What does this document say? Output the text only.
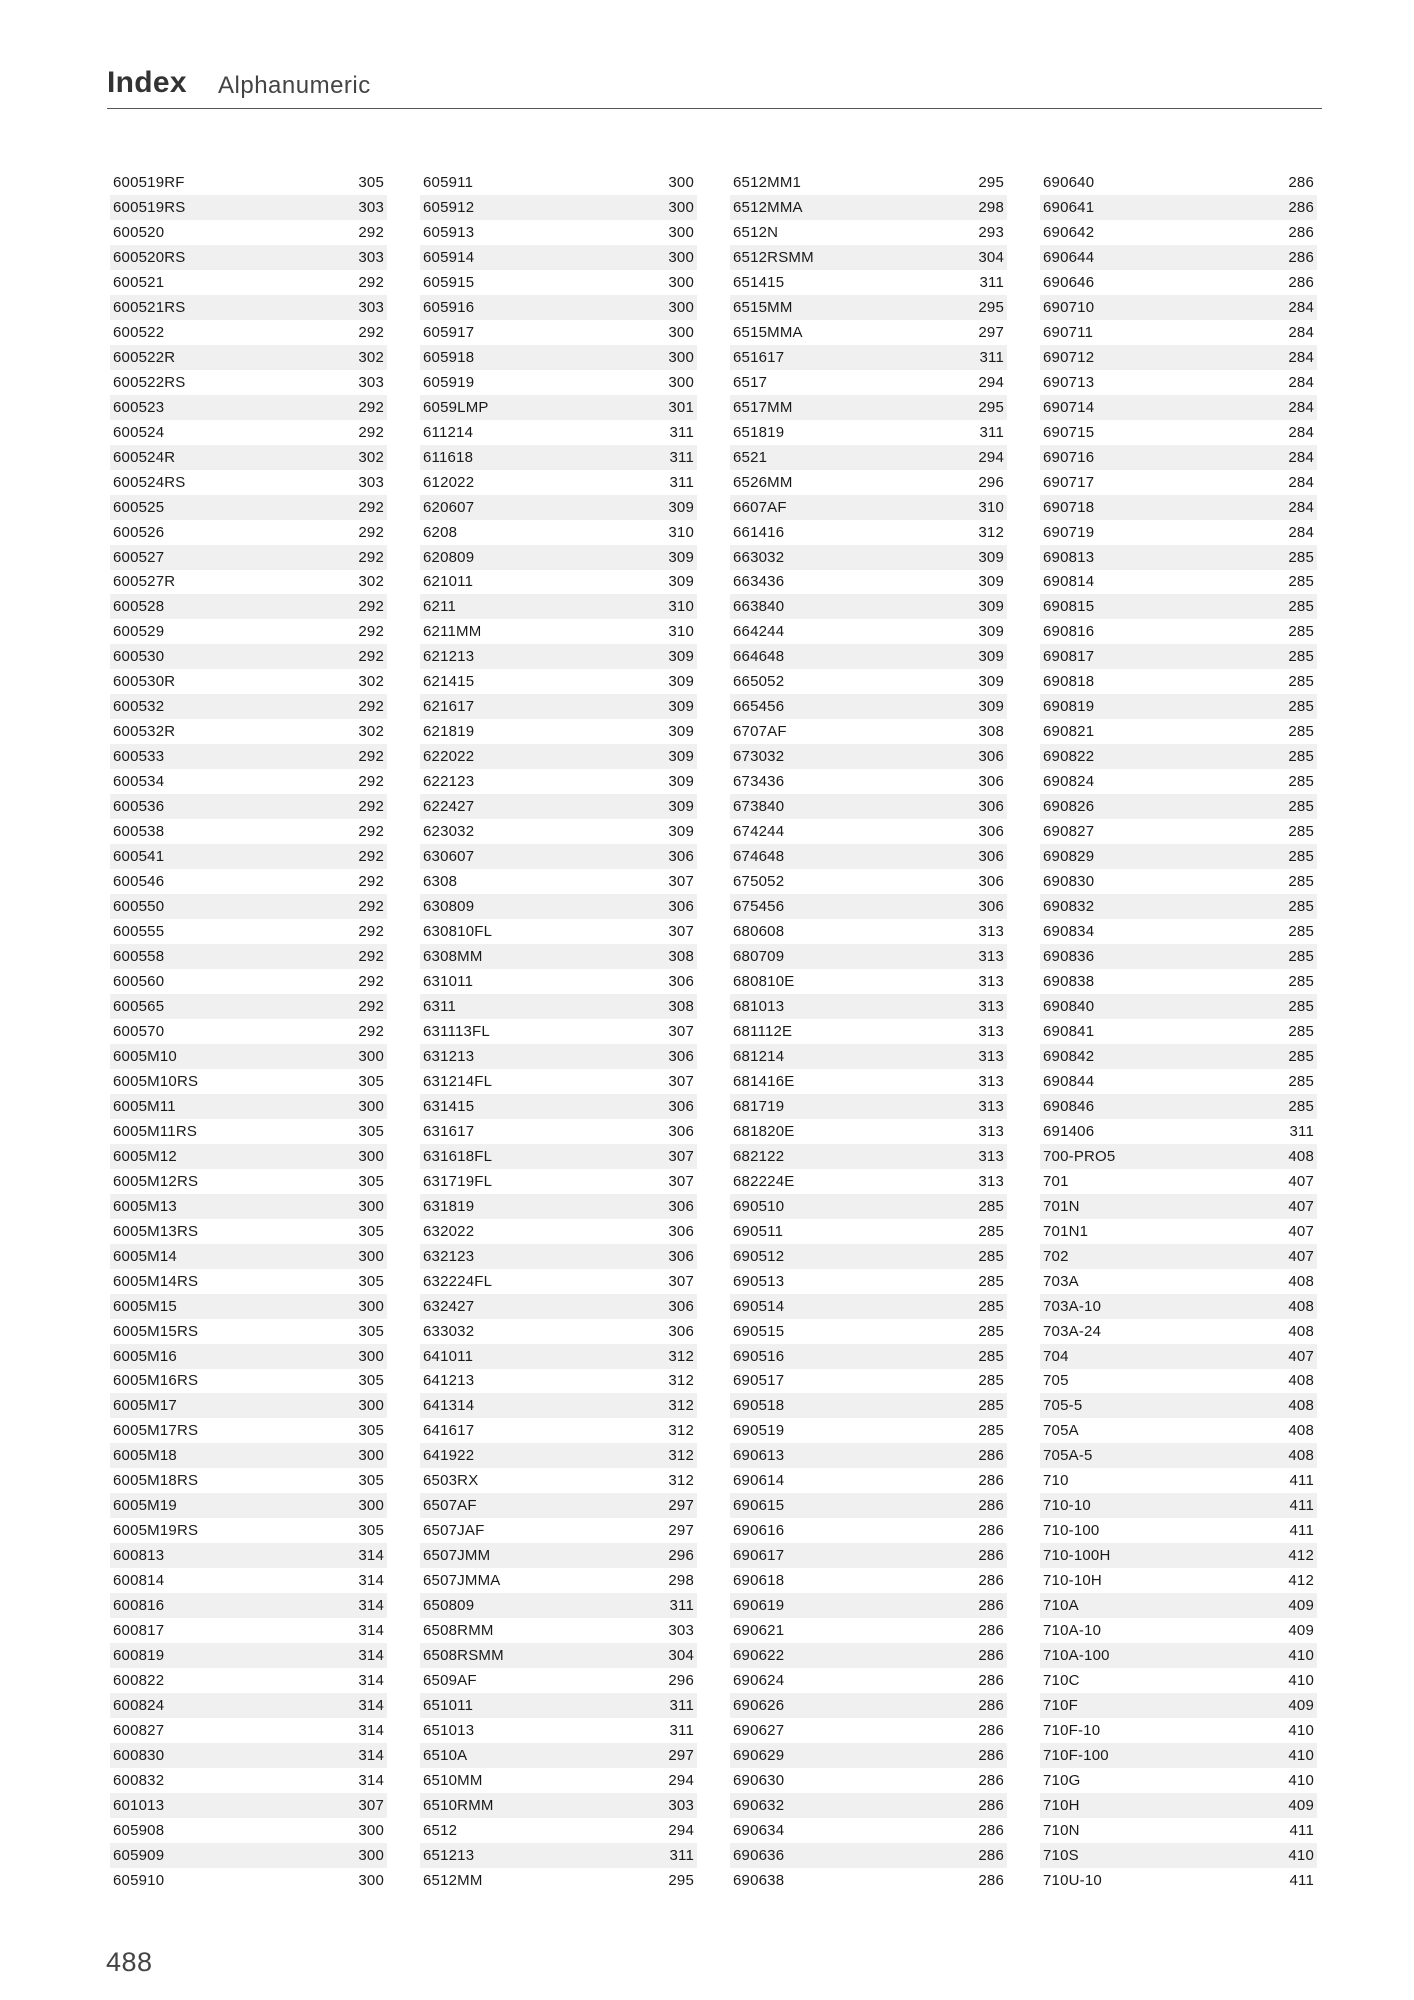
Index Alphanumeric
600519RF	305
600519RS	303
600520	292
600520RS	303
600521	292
600521RS	303
600522	292
600522R	302
600522RS	303
600523	292
600524	292
600524R	302
600524RS	303
600525	292
600526	292
600527	292
600527R	302
600528	292
600529	292
600530	292
600530R	302
600532	292
600532R	302
600533	292
600534	292
600536	292
600538	292
600541	292
600546	292
600550	292
600555	292
600558	292
600560	292
600565	292
600570	292
6005M10	300
6005M10RS	305
6005M11	300
6005M11RS	305
6005M12	300
6005M12RS	305
6005M13	300
6005M13RS	305
6005M14	300
6005M14RS	305
6005M15	300
6005M15RS	305
6005M16	300
6005M16RS	305
6005M17	300
6005M17RS	305
6005M18	300
6005M18RS	305
6005M19	300
6005M19RS	305
600813	314
600814	314
600816	314
600817	314
600819	314
600822	314
600824	314
600827	314
600830	314
600832	314
601013	307
605908	300
605909	300
605910	300
605911	300
605912	300
605913	300
605914	300
605915	300
605916	300
605917	300
605918	300
605919	300
6059LMP	301
611214	311
611618	311
612022	311
620607	309
6208	310
620809	309
621011	309
6211	310
6211MM	310
621213	309
621415	309
621617	309
621819	309
622022	309
622123	309
622427	309
623032	309
630607	306
6308	307
630809	306
630810FL	307
6308MM	308
631011	306
6311	308
631113FL	307
631213	306
631214FL	307
631415	306
631617	306
631618FL	307
631719FL	307
631819	306
632022	306
632123	306
632224FL	307
632427	306
633032	306
641011	312
641213	312
641314	312
641617	312
641922	312
6503RX	312
6507AF	297
6507JAF	297
6507JMM	296
6507JMMA	298
650809	311
6508RMM	303
6508RSMM	304
6509AF	296
651011	311
651013	311
6510A	297
6510MM	294
6510RMM	303
6512	294
651213	311
6512MM	295
6512MM1	295
6512MMA	298
6512N	293
6512RSMM	304
651415	311
6515MM	295
6515MMA	297
651617	311
6517	294
6517MM	295
651819	311
6521	294
6526MM	296
6607AF	310
661416	312
663032	309
663436	309
663840	309
664244	309
664648	309
665052	309
665456	309
6707AF	308
673032	306
673436	306
673840	306
674244	306
674648	306
675052	306
675456	306
680608	313
680709	313
680810E	313
681013	313
681112E	313
681214	313
681416E	313
681719	313
681820E	313
682122	313
682224E	313
690510	285
690511	285
690512	285
690513	285
690514	285
690515	285
690516	285
690517	285
690518	285
690519	285
690613	286
690614	286
690615	286
690616	286
690617	286
690618	286
690619	286
690621	286
690622	286
690624	286
690626	286
690627	286
690629	286
690630	286
690632	286
690634	286
690636	286
690638	286
690640	286
690641	286
690642	286
690644	286
690646	286
690710	284
690711	284
690712	284
690713	284
690714	284
690715	284
690716	284
690717	284
690718	284
690719	284
690813	285
690814	285
690815	285
690816	285
690817	285
690818	285
690819	285
690821	285
690822	285
690824	285
690826	285
690827	285
690829	285
690830	285
690832	285
690834	285
690836	285
690838	285
690840	285
690841	285
690842	285
690844	285
690846	285
691406	311
700-PRO5	408
701	407
701N	407
701N1	407
702	407
703A	408
703A-10	408
703A-24	408
704	407
705	408
705-5	408
705A	408
705A-5	408
710	411
710-10	411
710-100	411
710-100H	412
710-10H	412
710A	409
710A-10	409
710A-100	410
710C	410
710F	409
710F-10	410
710F-100	410
710G	410
710H	409
710N	411
710S	410
710U-10	411
488
